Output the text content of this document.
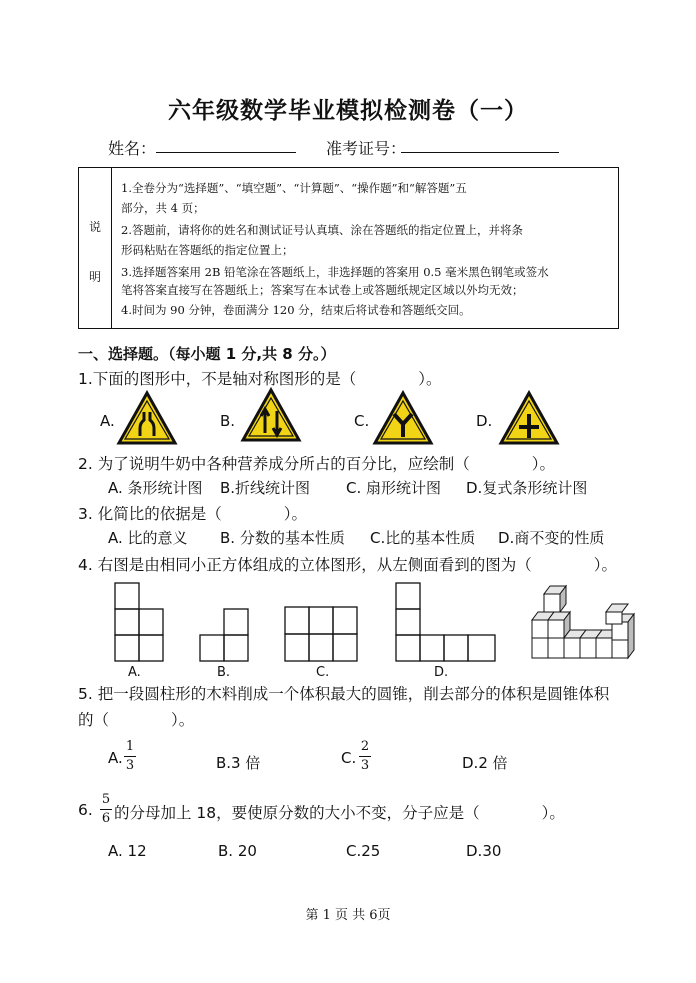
六年级数学毕业模拟检测卷（一）
姓名：	准考证号：
说
明
1.全卷分为“选择题”、“填空题”、“计算题”、“操作题”和“解答题”五
部分，共 4 页；
2.答题前，请将你的姓名和测试证号认真填、涂在答题纸的指定位置上，并将条
形码粘贴在答题纸的指定位置上；
3.选择题答案用 2B 铅笔涂在答题纸上，非选择题的答案用 0.5 毫米黑色钢笔或签水
笔将答案直接写在答题纸上；答案写在本试卷上或答题纸规定区域以外均无效；
4.时间为 90 分钟，卷面满分 120 分，结束后将试卷和答题纸交回。
一、选择题。（每小题 1 分,共 8 分。）
1.下面的图形中，不是轴对称图形的是（　　　　）。
A.	B.	C.	D.
2. 为了说明牛奶中各种营养成分所占的百分比，应绘制（　　　　）。
A. 条形统计图 B.折线统计图 C. 扇形统计图 D.复式条形统计图
3. 化简比的依据是（　　　　）。
A. 比的意义 B. 分数的基本性质 C.比的基本性质 D.商不变的性质
4. 右图是由相同小正方体组成的立体图形，从左侧面看到的图为（　　　　）。
A.	B.	C.	D.
5. 把一段圆柱形的木料削成一个体积最大的圆锥，削去部分的体积是圆锥体积
的（　　　　）。
A.
1
3	B.3 倍	C.
2
3	D.2 倍
6.
5
6 的分母加上 18，要使原分数的大小不变，分子应是（　　　　）。
A. 12	B. 20	C.25	D.30
第 1 页 共 6页
